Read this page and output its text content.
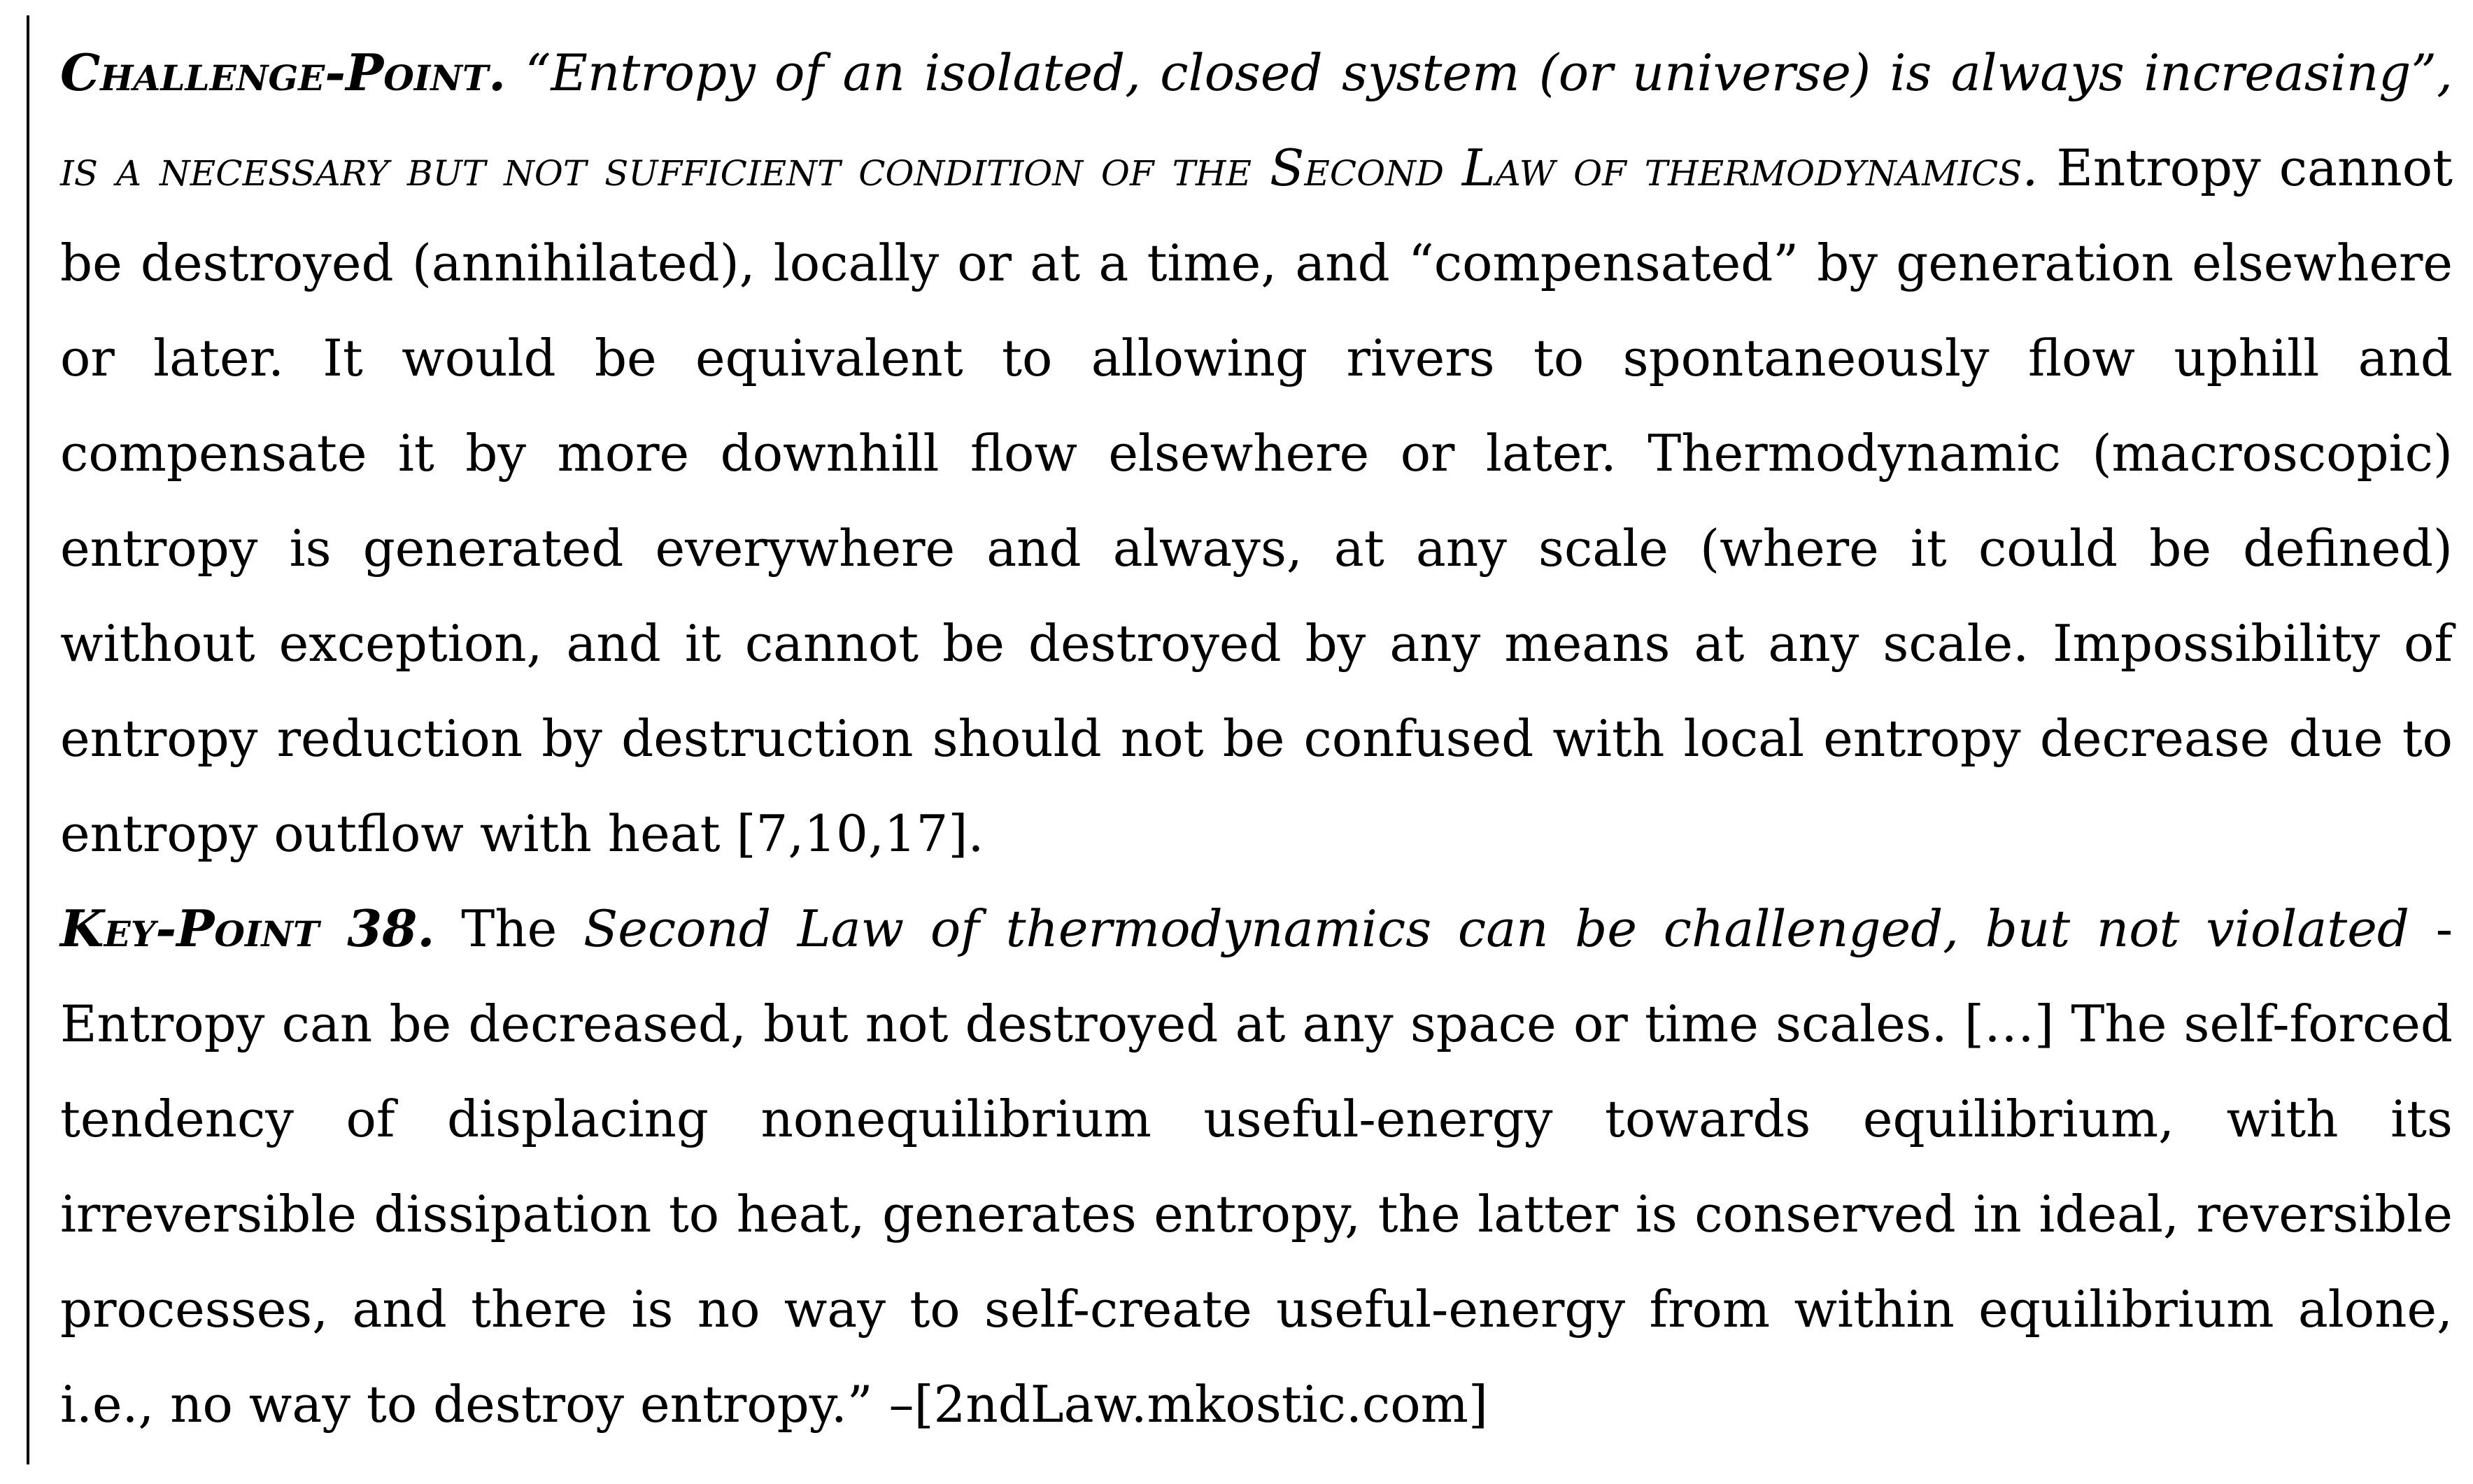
Challenge-Point. “Entropy of an isolated, closed system (or universe) is always increasing”, is a necessary but not sufficient condition of the Second Law of thermodynamics. Entropy cannot be destroyed (annihilated), locally or at a time, and “compensated” by generation elsewhere or later. It would be equivalent to allowing rivers to spontaneously flow uphill and compensate it by more downhill flow elsewhere or later. Thermodynamic (macroscopic) entropy is generated everywhere and always, at any scale (where it could be defined) without exception, and it cannot be destroyed by any means at any scale. Impossibility of entropy reduction by destruction should not be confused with local entropy decrease due to entropy outflow with heat [7,10,17].

Key-Point 38. The Second Law of thermodynamics can be challenged, but not violated - Entropy can be decreased, but not destroyed at any space or time scales. […] The self-forced tendency of displacing nonequilibrium useful-energy towards equilibrium, with its irreversible dissipation to heat, generates entropy, the latter is conserved in ideal, reversible processes, and there is no way to self-create useful-energy from within equilibrium alone, i.e., no way to destroy entropy.” –[2ndLaw.mkostic.com]
